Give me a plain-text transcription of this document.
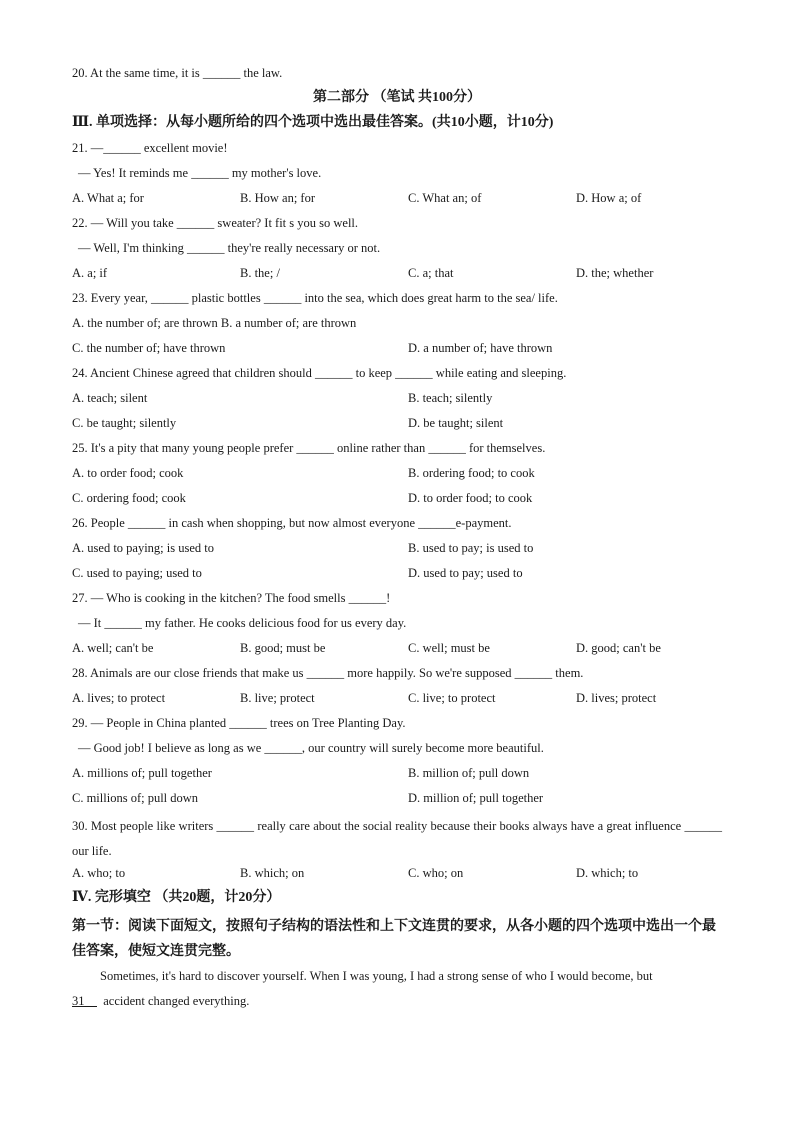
20. At the same time, it is ______ the law.
第二部分 （笔试 共100分）
Ⅲ. 单项选择：从每小题所给的四个选项中选出最佳答案。(共10小题，计10分)
21. —______ excellent movie!
— Yes! It reminds me ______ my mother's love.
A. What a; for	B. How an; for	C. What an; of	D. How a; of
22. — Will you take ______ sweater? It fit s you so well.
— Well, I'm thinking ______ they're really necessary or not.
A. a; if	B. the; /	C. a; that	D. the; whether
23. Every year, ______ plastic bottles ______ into the sea, which does great harm to the sea/ life.
A. the number of; are thrown B. a number of; are thrown
C. the number of; have thrown	D. a number of; have thrown
24. Ancient Chinese agreed that children should ______ to keep ______ while eating and sleeping.
A. teach; silent	B. teach; silently
C. be taught; silently	D. be taught; silent
25. It's a pity that many young people prefer ______ online rather than ______ for themselves.
A. to order food; cook	B. ordering food; to cook
C. ordering food; cook	D. to order food; to cook
26. People ______ in cash when shopping, but now almost everyone ______e-payment.
A. used to paying; is used to	B. used to pay; is used to
C. used to paying; used to	D. used to pay; used to
27. — Who is cooking in the kitchen? The food smells ______!
— It ______ my father. He cooks delicious food for us every day.
A. well; can't be	B. good; must be	C. well; must be	D. good; can't be
28. Animals are our close friends that make us ______ more happily. So we're supposed ______ them.
A. lives; to protect	B. live; protect	C. live; to protect	D. lives; protect
29. — People in China planted ______ trees on Tree Planting Day.
— Good job! I believe as long as we ______, our country will surely become more beautiful.
A. millions of; pull together	B. million of; pull down
C. millions of; pull down	D. million of; pull together
30. Most people like writers ______ really care about the social reality because their books always have a great influence ______ our life.
A. who; to	B. which; on	C. who; on	D. which; to
Ⅳ. 完形填空 （共20题，计20分）
第一节：阅读下面短文，按照句子结构的语法性和上下文连贯的要求，从各小题的四个选项中选出一个最佳答案，使短文连贯完整。
Sometimes, it's hard to discover yourself. When I was young, I had a strong sense of who I would become, but
31 accident changed everything.
